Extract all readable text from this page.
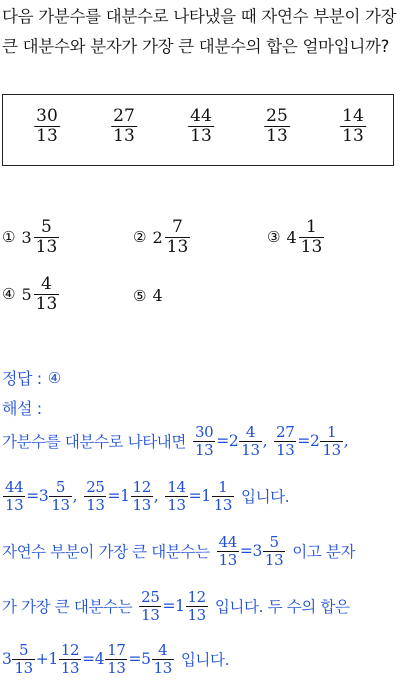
다음 가분수를 대분수로 나타냈을 때 자연수 부분이 가장 큰 대분수와 분자가 가장 큰 대분수의 합은 얼마입니까?
$\frac{30}{13}$	$\frac{27}{13}$	$\frac{44}{13}$	$\frac{25}{13}$	$\frac{14}{13}$
① $3 \frac{5}{13}$	② $2 \frac{7}{13}$	③ $4 \frac{1}{13}$
④ $5 \frac{4}{13}$	⑤ 4
정답 : ④
해설 :
가분수를 대분수로 나타내면 $\frac{30}{13} = 2 \frac{4}{13}$ , $\frac{27}{13} = 2 \frac{1}{13}$ ,
$\frac{44}{13} = 3 \frac{5}{13}$ , $\frac{25}{13} = 1 \frac{12}{13}$ , $\frac{14}{13} = 1 \frac{1}{13}$ 입니다.
자연수 부분이 가장 큰 대분수는 $\frac{44}{13} = 3 \frac{5}{13}$ 이고 분자
가 가장 큰 대분수는 $\frac{25}{13} = 1 \frac{12}{13}$ 입니다. 두 수의 합은
$3 \frac{5}{13} + 1 \frac{12}{13} = 4 \frac{17}{13} = 5 \frac{4}{13}$ 입니다.
